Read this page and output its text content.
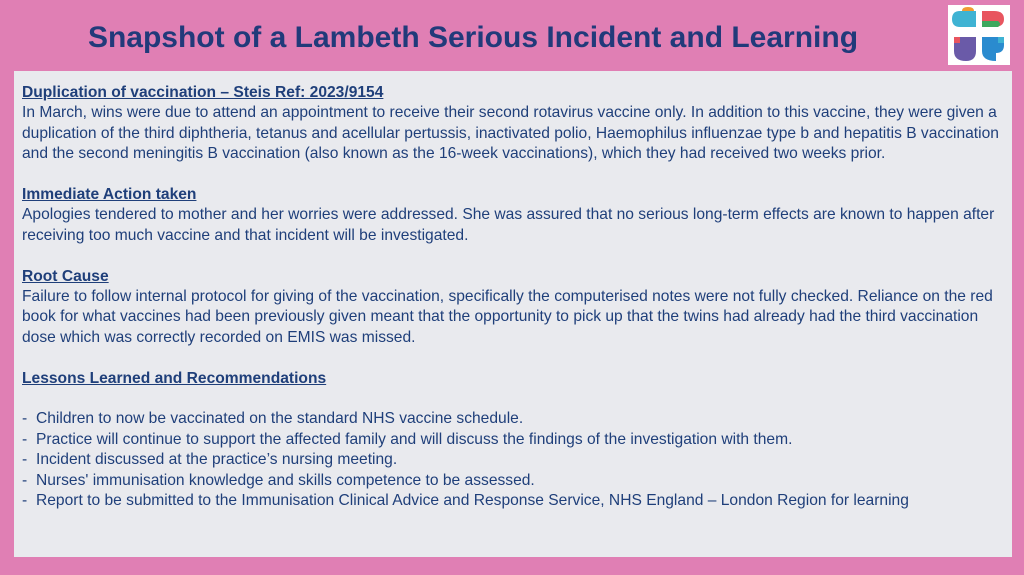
Snapshot of a Lambeth Serious Incident and Learning

Duplication of vaccination – Steis Ref: 2023/9154

In March, wins were due to attend an appointment to receive their second rotavirus vaccine only. In addition to this vaccine, they were given a duplication of the third diphtheria, tetanus and acellular pertussis, inactivated polio, Haemophilus influenzae type b and hepatitis B vaccination and the second meningitis B vaccination (also known as the 16-week vaccinations), which they had received two weeks prior.

Immediate Action taken

Apologies tendered to mother and her worries were addressed. She was assured that no serious long-term effects are known to happen after receiving too much vaccine and that incident will be investigated.

Root Cause

Failure to follow internal protocol for giving of the vaccination, specifically the computerised notes were not fully checked. Reliance on the red book for what vaccines had been previously given meant that the opportunity to pick up that the twins had already had the third vaccination dose which was correctly recorded on EMIS was missed.

Lessons Learned and Recommendations

- Children to now be vaccinated on the standard NHS vaccine schedule.
- Practice will continue to support the affected family and will discuss the findings of the investigation with them.
- Incident discussed at the practice’s nursing meeting.
- Nurses' immunisation knowledge and skills competence to be assessed.
- Report to be submitted to the Immunisation Clinical Advice and Response Service, NHS England – London Region for learning
